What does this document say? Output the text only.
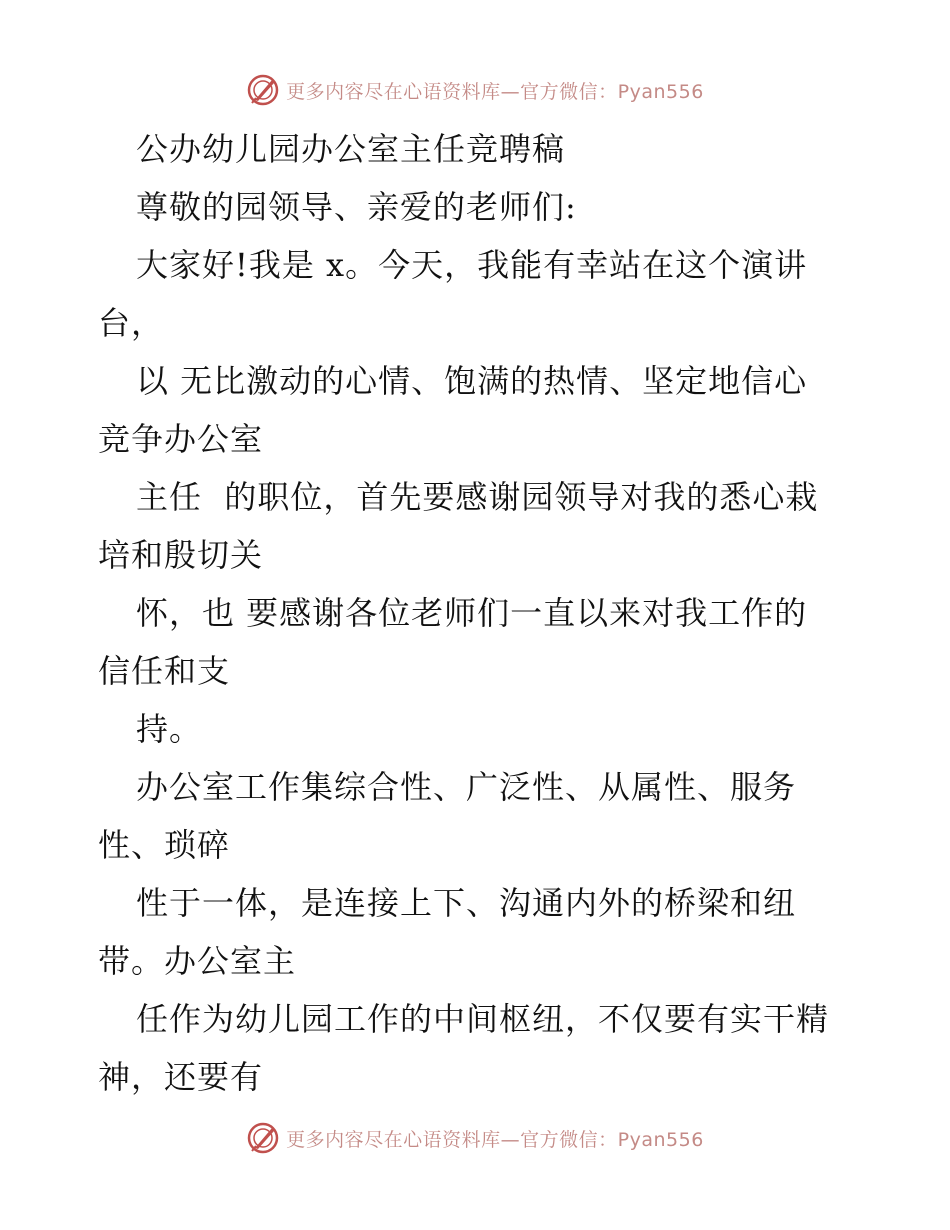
更多内容尽在心语资料库—官方微信：Pyan556
公办幼儿园办公室主任竞聘稿
尊敬的园领导、亲爱的老师们:
大家好!我是 x。今天，我能有幸站在这个演讲
台，
以 无比激动的心情、饱满的热情、坚定地信心
竞争办公室
主任  的职位，首先要感谢园领导对我的悉心栽
培和殷切关
怀，也 要感谢各位老师们一直以来对我工作的
信任和支
持。
办公室工作集综合性、广泛性、从属性、服务
性、琐碎
性于一体，是连接上下、沟通内外的桥梁和纽
带。办公室主
任作为幼儿园工作的中间枢纽，不仅要有实干精
神，还要有
更多内容尽在心语资料库—官方微信：Pyan556
